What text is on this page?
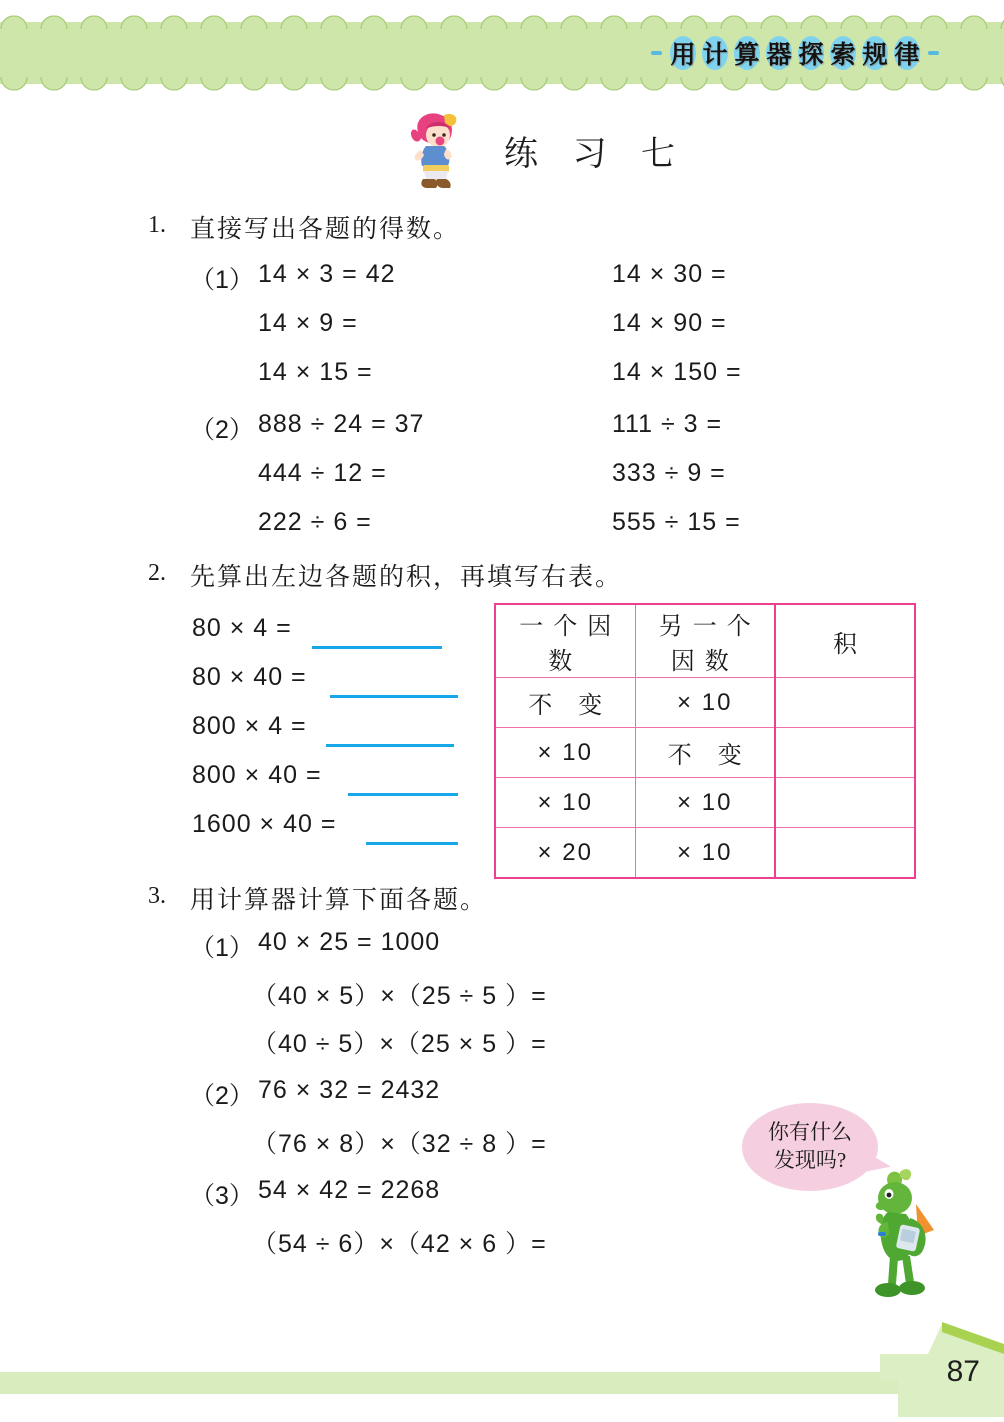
用 计 算 器 探 索 规 律
练 习 七
1. 直接写出各题的得数。
（1） 14 × 3 = 42
14 × 9 =
14 × 15 =
14 × 30 =
14 × 90 =
14 × 150 =
（2） 888 ÷ 24 = 37
444 ÷ 12 =
222 ÷ 6 =
111 ÷ 3 =
333 ÷ 9 =
555 ÷ 15 =
2. 先算出左边各题的积，再填写右表。
80 × 4 =
80 × 40 =
800 × 4 =
800 × 40 =
1600 × 40 =
一个因数	另一个因数	积
不 变	× 10	
× 10	不 变	
× 10	× 10	
× 20	× 10	
3. 用计算器计算下面各题。
（1） 40 × 25 = 1000
（40 × 5）×（25 ÷ 5 ）=
（40 ÷ 5）×（25 × 5 ）=
（2） 76 × 32 = 2432
（76 × 8）×（32 ÷ 8 ）=
（3） 54 × 42 = 2268
（54 ÷ 6）×（42 × 6 ）=
你有什么
发现吗?
87
